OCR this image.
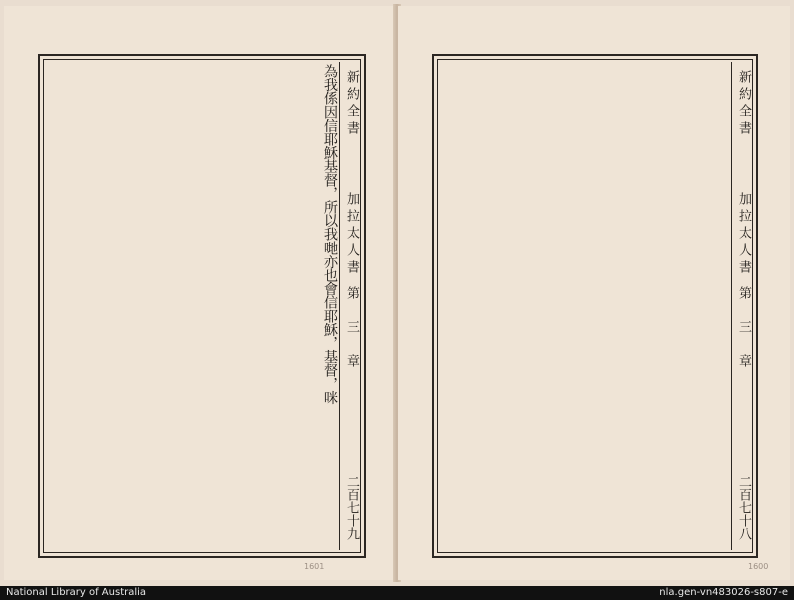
為我係因信耶穌基督，所以我哋亦也會信耶穌，基督，咪 新約全書
加拉太人書
第　三　章
二百七十九
1601
新約全書
加拉太人書
第　三　章
二百七十八
1600
National Library of Australia	nla.gen-vn483026-s807-e
